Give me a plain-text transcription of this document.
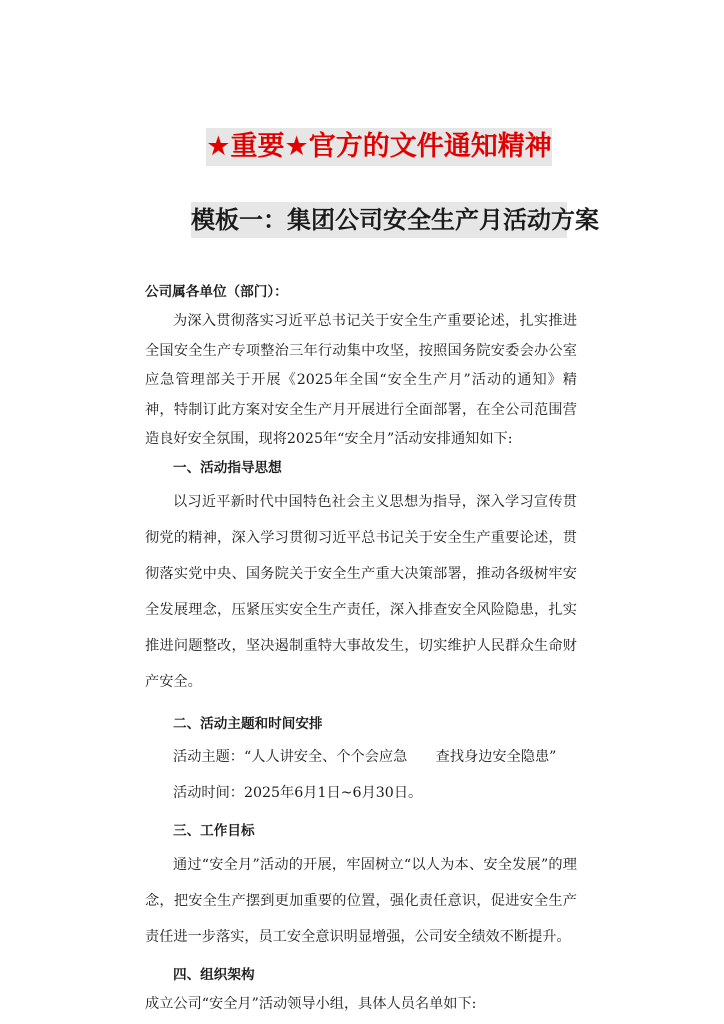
★重要★官方的文件通知精神
模板一：集团公司安全生产月活动方案

公司属各单位（部门）：

为深入贯彻落实习近平总书记关于安全生产重要论述，扎实推进全国安全生产专项整治三年行动集中攻坚，按照国务院安委会办公室应急管理部关于开展《2025年全国“安全生产月”活动的通知》精神，特制订此方案对安全生产月开展进行全面部署，在全公司范围营造良好安全氛围，现将2025年“安全月”活动安排通知如下:

一、活动指导思想

以习近平新时代中国特色社会主义思想为指导，深入学习宣传贯彻党的精神，深入学习贯彻习近平总书记关于安全生产重要论述，贯彻落实党中央、国务院关于安全生产重大决策部署，推动各级树牢安全发展理念，压紧压实安全生产责任，深入排查安全风险隐患，扎实推进问题整改，坚决遏制重特大事故发生，切实维护人民群众生命财产安全。

二、活动主题和时间安排

活动主题：“人人讲安全、个个会应急　　查找身边安全隐患”

活动时间：2025年6月1日~6月30日。

三、工作目标

通过“安全月”活动的开展，牢固树立“以人为本、安全发展”的理念，把安全生产摆到更加重要的位置，强化责任意识，促进安全生产责任进一步落实，员工安全意识明显增强，公司安全绩效不断提升。

四、组织架构

成立公司“安全月”活动领导小组，具体人员名单如下:
